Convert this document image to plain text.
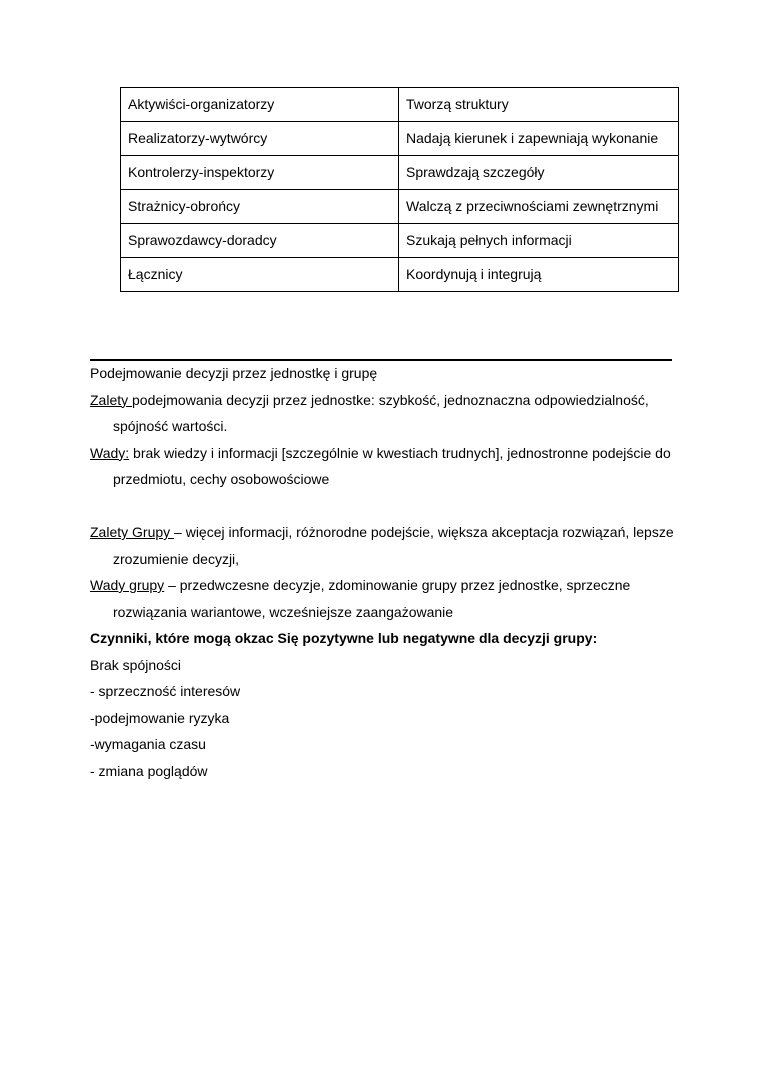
Aktywiści-organizatorzy	Tworzą struktury

Realizatorzy-wytwórcy	Nadają kierunek i zapewniają wykonanie

Kontrolerzy-inspektorzy	Sprawdzają szczegóły

Strażnicy-obrońcy	Walczą z przeciwnościami zewnętrznymi

Sprawozdawcy-doradcy	Szukają pełnych informacji

Łącznicy	Koordynują i integrują

Podejmowanie decyzji przez jednostkę i grupę

Zalety podejmowania decyzji przez jednostke: szybkość, jednoznaczna odpowiedzialność, spójność wartości.

Wady: brak wiedzy i informacji [szczególnie w kwestiach trudnych], jednostronne podejście do przedmiotu, cechy osobowościowe

Zalety Grupy – więcej informacji, różnorodne podejście, większa akceptacja rozwiązań, lepsze zrozumienie decyzji,

Wady grupy – przedwczesne decyzje, zdominowanie grupy przez jednostke, sprzeczne rozwiązania wariantowe, wcześniejsze zaangażowanie

Czynniki, które mogą okzac Się pozytywne lub negatywne dla decyzji grupy:

Brak spójności

- sprzeczność interesów

-podejmowanie ryzyka

-wymagania czasu

- zmiana poglądów
